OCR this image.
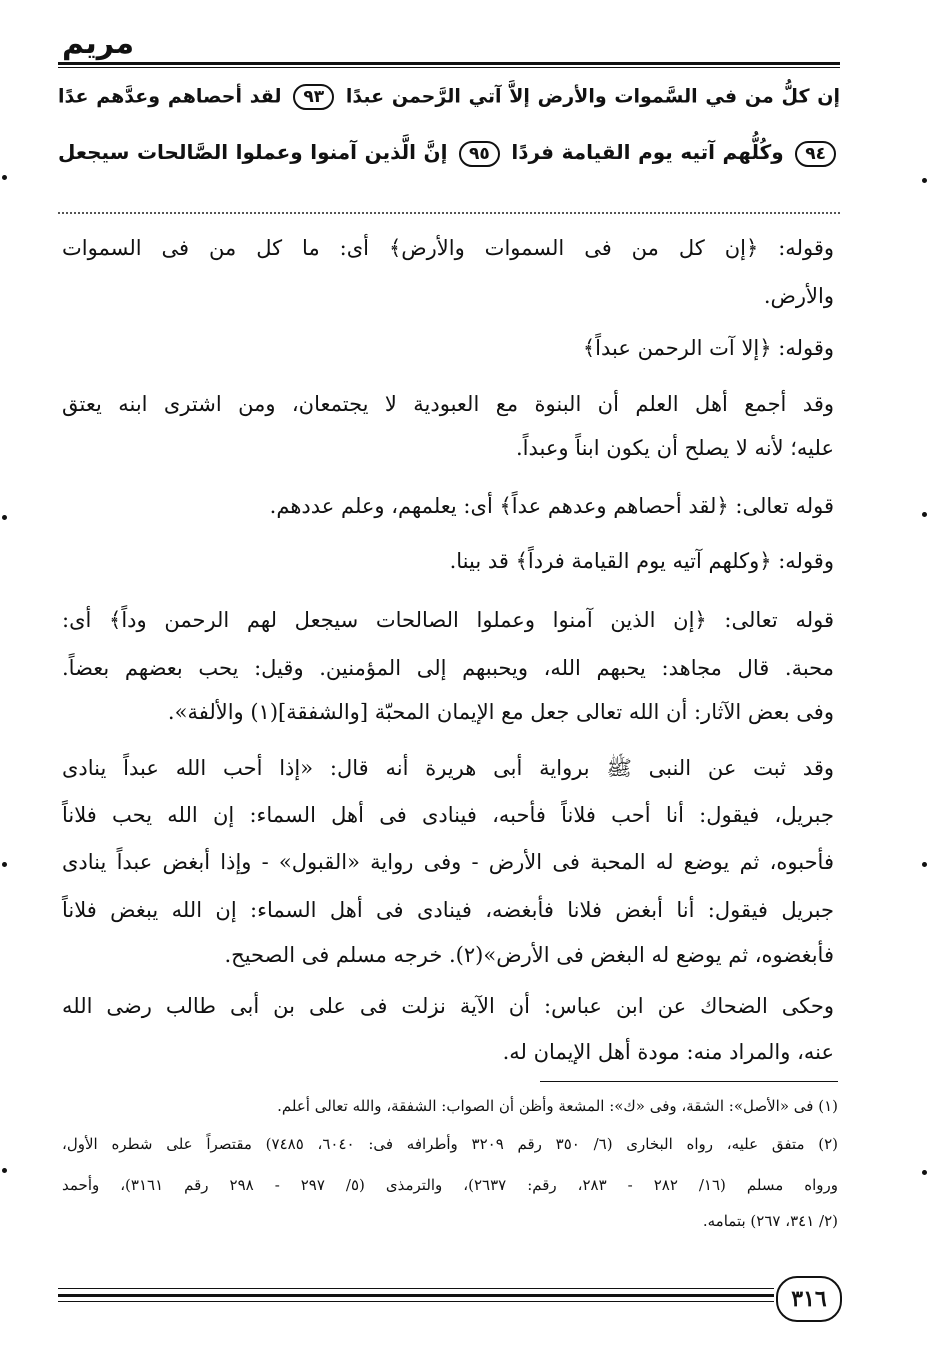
مريم
إن كلُّ من في السَّموات والأرض إلاَّ آتي الرَّحمن عبدًا ٩٣ لقد أحصاهم وعدَّهم عدًا
٩٤ وكُلُّهم آتيه يوم القيامة فردًا ٩٥ إنَّ الَّذين آمنوا وعملوا الصَّالحات سيجعل
وقوله: ﴿إن كل من فى السموات والأرض﴾ أى: ما كل من فى السموات
والأرض.
وقوله: ﴿إلا آت الرحمن عبداً﴾
وقد أجمع أهل العلم أن البنوة مع العبودية لا يجتمعان، ومن اشترى ابنه يعتق
عليه؛ لأنه لا يصلح أن يكون ابناً وعبداً.
قوله تعالى: ﴿لقد أحصاهم وعدهم عداً﴾ أى: يعلمهم، وعلم عددهم.
وقوله: ﴿وكلهم آتيه يوم القيامة فرداً﴾ قد بينا.
قوله تعالى: ﴿إن الذين آمنوا وعملوا الصالحات سيجعل لهم الرحمن وداً﴾ أى:
محبة. قال مجاهد: يحبهم الله، ويحببهم إلى المؤمنين. وقيل: يحب بعضهم بعضاً.
وفى بعض الآثار: أن الله تعالى جعل مع الإيمان المحبّة [والشفقة](١) والألفة».
وقد ثبت عن النبى ﷺ برواية أبى هريرة أنه قال: «إذا أحب الله عبداً ينادى
جبريل، فيقول: أنا أحب فلاناً فأحبه، فينادى فى أهل السماء: إن الله يحب فلاناً
فأحبوه، ثم يوضع له المحبة فى الأرض - وفى رواية «القبول» - وإذا أبغض عبداً ينادى
جبريل فيقول: أنا أبغض فلانا فأبغضه، فينادى فى أهل السماء: إن الله يبغض فلاناً
فأبغضوه، ثم يوضع له البغض فى الأرض»(٢). خرجه مسلم فى الصحيح.
وحكى الضحاك عن ابن عباس: أن الآية نزلت فى على بن أبى طالب رضى الله
عنه، والمراد منه: مودة أهل الإيمان له.
(١) فى «الأصل»: الشقة، وفى «ك»: المشعة وأظن أن الصواب: الشفقة، والله تعالى أعلم.
(٢) متفق عليه، رواه البخارى (٦/ ٣٥٠ رقم ٣٢٠٩ وأطرافه فى: ٦٠٤٠، ٧٤٨٥) مقتصراً على شطره الأول،
ورواه مسلم (١٦/ ٢٨٢ - ٢٨٣، رقم: ٢٦٣٧)، والترمذى (٥/ ٢٩٧ - ٢٩٨ رقم ٣١٦١)، وأحمد
(٢/ ٣٤١، ٢٦٧) بتمامه.
٣١٦
